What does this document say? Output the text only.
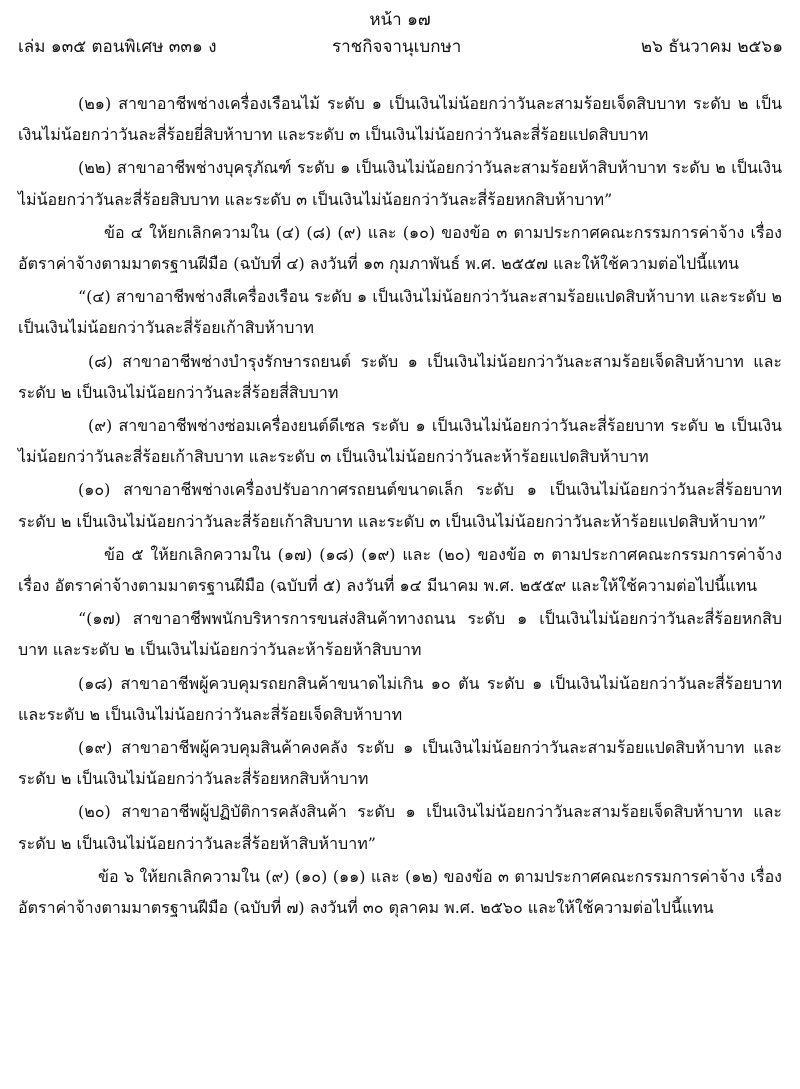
หน้า ๑๗
เล่ม ๑๓๕ ตอนพิเศษ ๓๓๑ ง	ราชกิจจานุเบกษา	๒๖ ธันวาคม ๒๕๖๑

(๒๑) สาขาอาชีพช่างเครื่องเรือนไม้ ระดับ ๑ เป็นเงินไม่น้อยกว่าวันละสามร้อยเจ็ดสิบบาท ระดับ ๒ เป็นเงินไม่น้อยกว่าวันละสี่ร้อยยี่สิบห้าบาท และระดับ ๓ เป็นเงินไม่น้อยกว่าวันละสี่ร้อยแปดสิบบาท

(๒๒) สาขาอาชีพช่างบุครุภัณฑ์ ระดับ ๑ เป็นเงินไม่น้อยกว่าวันละสามร้อยห้าสิบห้าบาท ระดับ ๒ เป็นเงินไม่น้อยกว่าวันละสี่ร้อยสิบบาท และระดับ ๓ เป็นเงินไม่น้อยกว่าวันละสี่ร้อยหกสิบห้าบาท”

ข้อ ๔ ให้ยกเลิกความใน (๔) (๘) (๙) และ (๑๐) ของข้อ ๓ ตามประกาศคณะกรรมการค่าจ้าง เรื่อง อัตราค่าจ้างตามมาตรฐานฝีมือ (ฉบับที่ ๔) ลงวันที่ ๑๓ กุมภาพันธ์ พ.ศ. ๒๕๕๗ และให้ใช้ความต่อไปนี้แทน

“(๔) สาขาอาชีพช่างสีเครื่องเรือน ระดับ ๑ เป็นเงินไม่น้อยกว่าวันละสามร้อยแปดสิบห้าบาท และระดับ ๒ เป็นเงินไม่น้อยกว่าวันละสี่ร้อยเก้าสิบห้าบาท

(๘) สาขาอาชีพช่างบำรุงรักษารถยนต์ ระดับ ๑ เป็นเงินไม่น้อยกว่าวันละสามร้อยเจ็ดสิบห้าบาท และระดับ ๒ เป็นเงินไม่น้อยกว่าวันละสี่ร้อยสี่สิบบาท

(๙) สาขาอาชีพช่างซ่อมเครื่องยนต์ดีเซล ระดับ ๑ เป็นเงินไม่น้อยกว่าวันละสี่ร้อยบาท ระดับ ๒ เป็นเงินไม่น้อยกว่าวันละสี่ร้อยเก้าสิบบาท และระดับ ๓ เป็นเงินไม่น้อยกว่าวันละห้าร้อยแปดสิบห้าบาท

(๑๐) สาขาอาชีพช่างเครื่องปรับอากาศรถยนต์ขนาดเล็ก ระดับ ๑ เป็นเงินไม่น้อยกว่าวันละสี่ร้อยบาท ระดับ ๒ เป็นเงินไม่น้อยกว่าวันละสี่ร้อยเก้าสิบบาท และระดับ ๓ เป็นเงินไม่น้อยกว่าวันละห้าร้อยแปดสิบห้าบาท”

ข้อ ๕ ให้ยกเลิกความใน (๑๗) (๑๘) (๑๙) และ (๒๐) ของข้อ ๓ ตามประกาศคณะกรรมการค่าจ้าง เรื่อง อัตราค่าจ้างตามมาตรฐานฝีมือ (ฉบับที่ ๕) ลงวันที่ ๑๔ มีนาคม พ.ศ. ๒๕๕๙ และให้ใช้ความต่อไปนี้แทน

“(๑๗) สาขาอาชีพพนักบริหารการขนส่งสินค้าทางถนน ระดับ ๑ เป็นเงินไม่น้อยกว่าวันละสี่ร้อยหกสิบบาท และระดับ ๒ เป็นเงินไม่น้อยกว่าวันละห้าร้อยห้าสิบบาท

(๑๘) สาขาอาชีพผู้ควบคุมรถยกสินค้าขนาดไม่เกิน ๑๐ ตัน ระดับ ๑ เป็นเงินไม่น้อยกว่าวันละสี่ร้อยบาท และระดับ ๒ เป็นเงินไม่น้อยกว่าวันละสี่ร้อยเจ็ดสิบห้าบาท

(๑๙) สาขาอาชีพผู้ควบคุมสินค้าคงคลัง ระดับ ๑ เป็นเงินไม่น้อยกว่าวันละสามร้อยแปดสิบห้าบาท และระดับ ๒ เป็นเงินไม่น้อยกว่าวันละสี่ร้อยหกสิบห้าบาท

(๒๐) สาขาอาชีพผู้ปฏิบัติการคลังสินค้า ระดับ ๑ เป็นเงินไม่น้อยกว่าวันละสามร้อยเจ็ดสิบห้าบาท และระดับ ๒ เป็นเงินไม่น้อยกว่าวันละสี่ร้อยห้าสิบห้าบาท”

ข้อ ๖ ให้ยกเลิกความใน (๙) (๑๐) (๑๑) และ (๑๒) ของข้อ ๓ ตามประกาศคณะกรรมการค่าจ้าง เรื่อง อัตราค่าจ้างตามมาตรฐานฝีมือ (ฉบับที่ ๗) ลงวันที่ ๓๐ ตุลาคม พ.ศ. ๒๕๖๐ และให้ใช้ความต่อไปนี้แทน
